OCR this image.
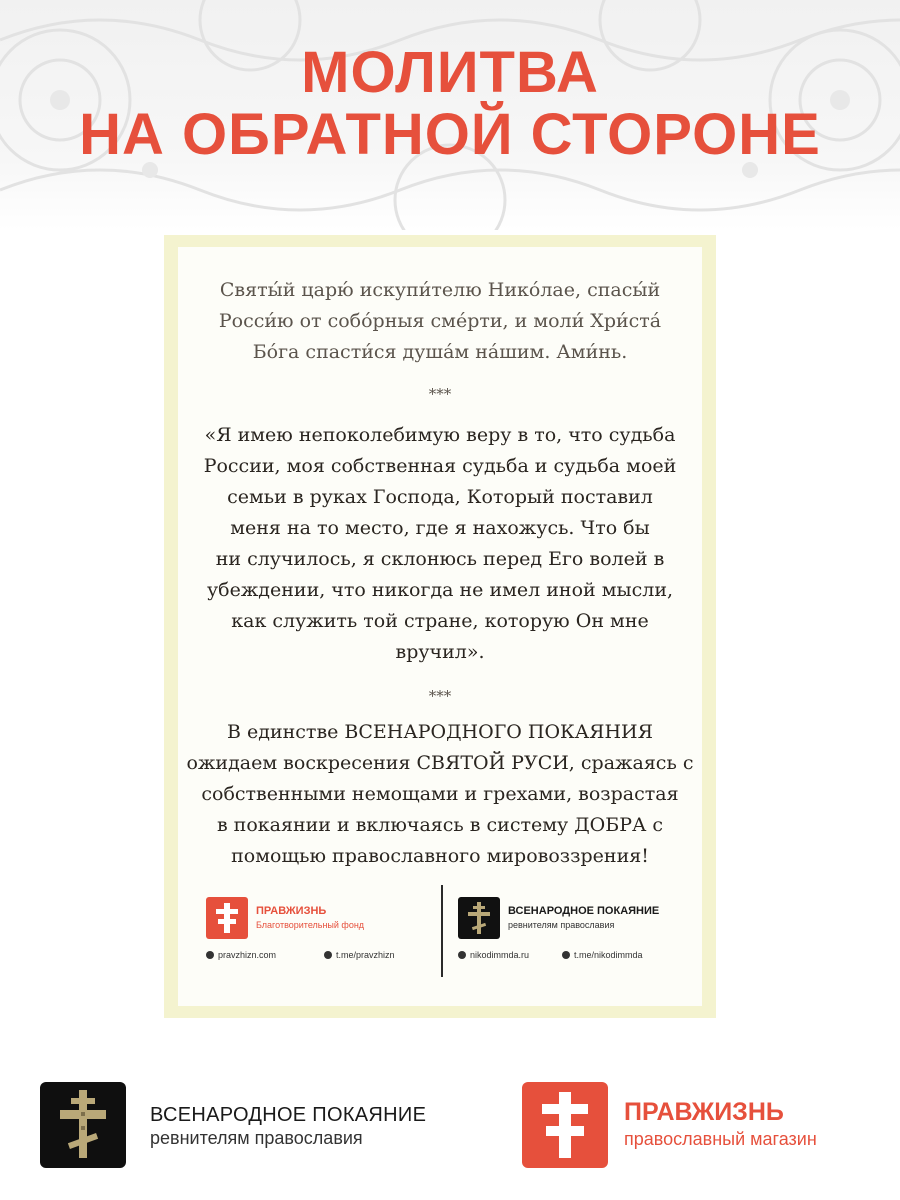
МОЛИТВА
НА ОБРАТНОЙ СТОРОНЕ
Святы́й царю́ искупи́телю Нико́лае, спасы́й
Росси́ю от собо́рныя сме́рти, и моли́ Хри́ста́
Бо́га спасти́ся душа́м на́шим. Ами́нь.
***
«Я имею непоколебимую веру в то, что судьба
России, моя собственная судьба и судьба моей
семьи в руках Господа, Который поставил
меня на то место, где я нахожусь. Что бы
ни случилось, я склонюсь перед Его волей в
убеждении, что никогда не имел иной мысли,
как служить той стране, которую Он мне
вручил».
***
В единстве ВСЕНАРОДНОГО ПОКАЯНИЯ
ожидаем воскресения СВЯТОЙ РУСИ, сражаясь с
собственными немощами и грехами, возрастая
в покаянии и включаясь в систему ДОБРА с
помощью православного мировоззрения!
ПРАВЖИЗНЬ
Благотворительный фонд
pravzhizn.com	t.me/pravzhizn
ВСЕНАРОДНОЕ ПОКАЯНИЕ
ревнителям православия
nikodimmda.ru	t.me/nikodimmda
ВСЕНАРОДНОЕ ПОКАЯНИЕ
ревнителям православия
ПРАВЖИЗНЬ
православный магазин
